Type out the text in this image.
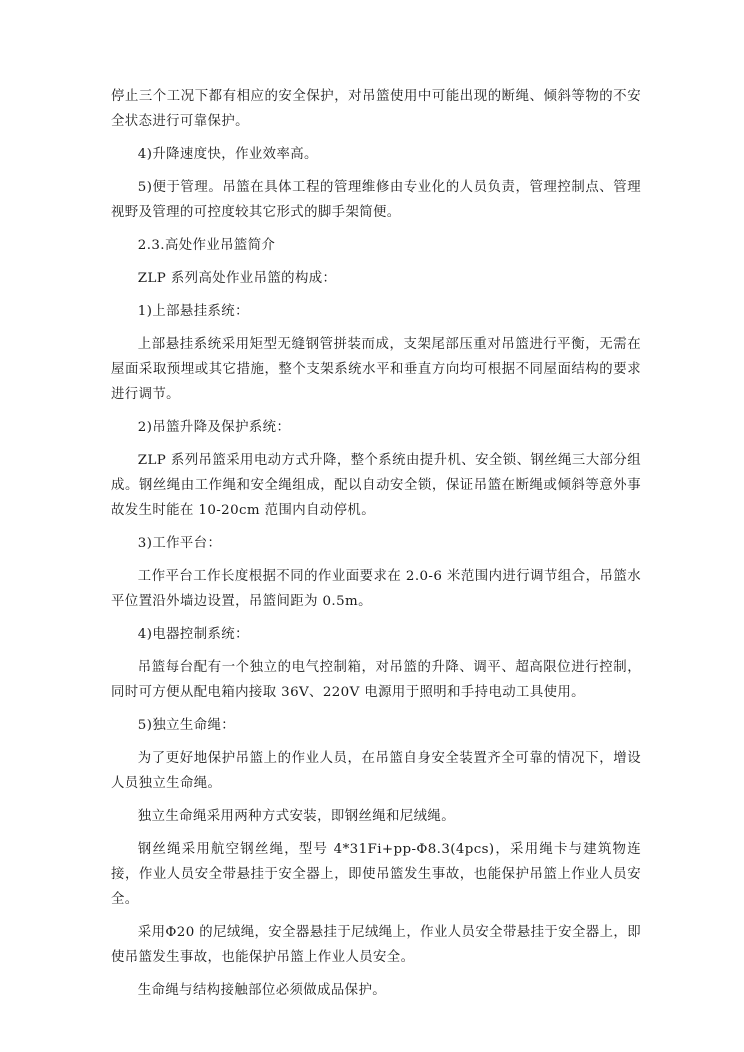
停止三个工况下都有相应的安全保护，对吊篮使用中可能出现的断绳、倾斜等物的不安全状态进行可靠保护。

4)升降速度快，作业效率高。

5)便于管理。吊篮在具体工程的管理维修由专业化的人员负责，管理控制点、管理视野及管理的可控度较其它形式的脚手架简便。

2.3.高处作业吊篮简介

ZLP 系列高处作业吊篮的构成：

1)上部悬挂系统：

上部悬挂系统采用矩型无缝钢管拼装而成，支架尾部压重对吊篮进行平衡，无需在屋面采取预埋或其它措施，整个支架系统水平和垂直方向均可根据不同屋面结构的要求进行调节。

2)吊篮升降及保护系统：

ZLP 系列吊篮采用电动方式升降，整个系统由提升机、安全锁、钢丝绳三大部分组成。钢丝绳由工作绳和安全绳组成，配以自动安全锁，保证吊篮在断绳或倾斜等意外事故发生时能在 10-20cm 范围内自动停机。

3)工作平台：

工作平台工作长度根据不同的作业面要求在 2.0-6 米范围内进行调节组合，吊篮水平位置沿外墙边设置，吊篮间距为 0.5m。

4)电器控制系统：

吊篮每台配有一个独立的电气控制箱，对吊篮的升降、调平、超高限位进行控制，同时可方便从配电箱内接取 36V、220V 电源用于照明和手持电动工具使用。

5)独立生命绳：

为了更好地保护吊篮上的作业人员，在吊篮自身安全装置齐全可靠的情况下，增设人员独立生命绳。

独立生命绳采用两种方式安装，即钢丝绳和尼绒绳。

钢丝绳采用航空钢丝绳，型号 4*31Fi+pp-Φ8.3(4pcs)，采用绳卡与建筑物连接，作业人员安全带悬挂于安全器上，即使吊篮发生事故，也能保护吊篮上作业人员安全。

采用Φ20 的尼绒绳，安全器悬挂于尼绒绳上，作业人员安全带悬挂于安全器上，即使吊篮发生事故，也能保护吊篮上作业人员安全。

生命绳与结构接触部位必须做成品保护。
